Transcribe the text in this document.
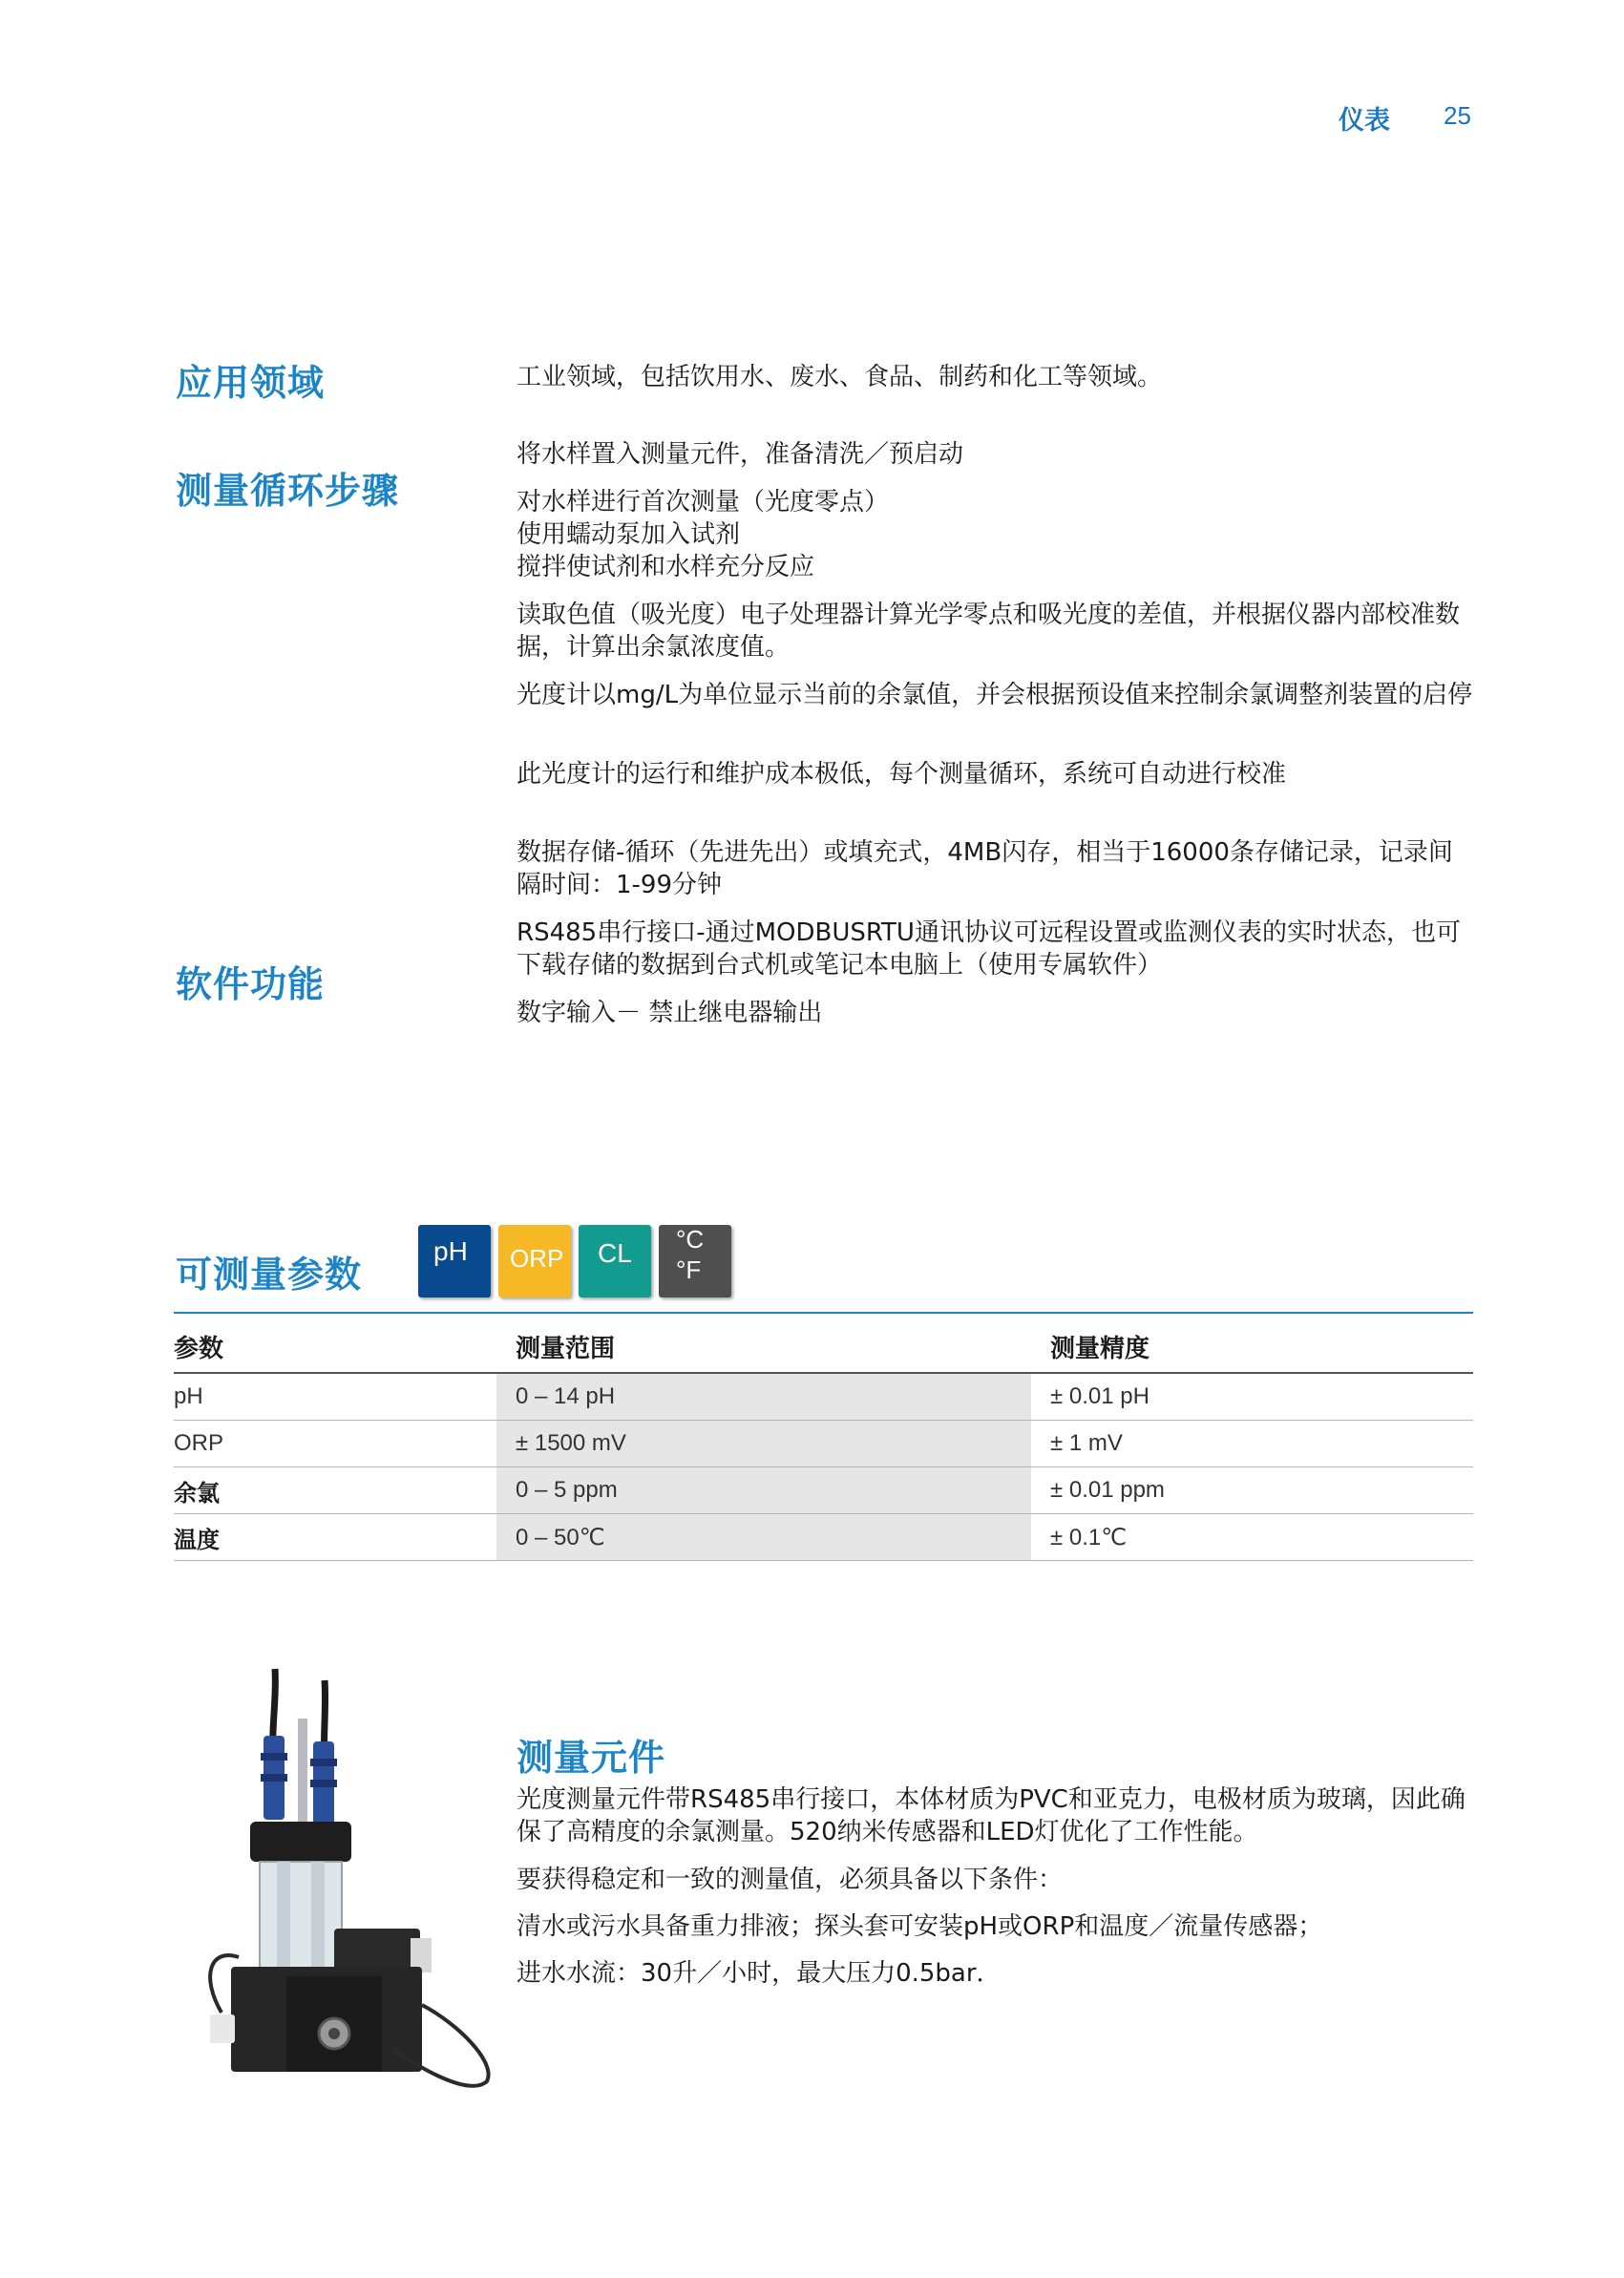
仪表 25
应用领域	工业领域，包括饮用水、废水、食品、制药和化工等领域。

测量循环步骤

将水样置入测量元件，准备清洗／预启动

对水样进行首次测量（光度零点）
使用蠕动泵加入试剂
搅拌使试剂和水样充分反应

读取色值（吸光度）电子处理器计算光学零点和吸光度的差值，并根据仪器内部校准数据，计算出余氯浓度值。

光度计以mg/L为单位显示当前的余氯值，并会根据预设值来控制余氯调整剂装置的启停

此光度计的运行和维护成本极低，每个测量循环，系统可自动进行校准

软件功能

数据存储-循环（先进先出）或填充式，4MB闪存，相当于16000条存储记录，记录间隔时间：1-99分钟

RS485串行接口-通过MODBUSRTU通讯协议可远程设置或监测仪表的实时状态，也可下载存储的数据到台式机或笔记本电脑上（使用专属软件）

数字输入－ 禁止继电器输出

可测量参数
pH ORP CL °C
°F
参数	测量范围	测量精度
pH	0 – 14 pH	± 0.01 pH
ORP	± 1500 mV	± 1 mV
余氯	0 – 5 ppm	± 0.01 ppm
温度	0 – 50℃	± 0.1℃
测量元件

光度测量元件带RS485串行接口，本体材质为PVC和亚克力，电极材质为玻璃，因此确保了高精度的余氯测量。520纳米传感器和LED灯优化了工作性能。

要获得稳定和一致的测量值，必须具备以下条件：

清水或污水具备重力排液；探头套可安装pH或ORP和温度／流量传感器；

进水水流：30升／小时，最大压力0.5bar．
